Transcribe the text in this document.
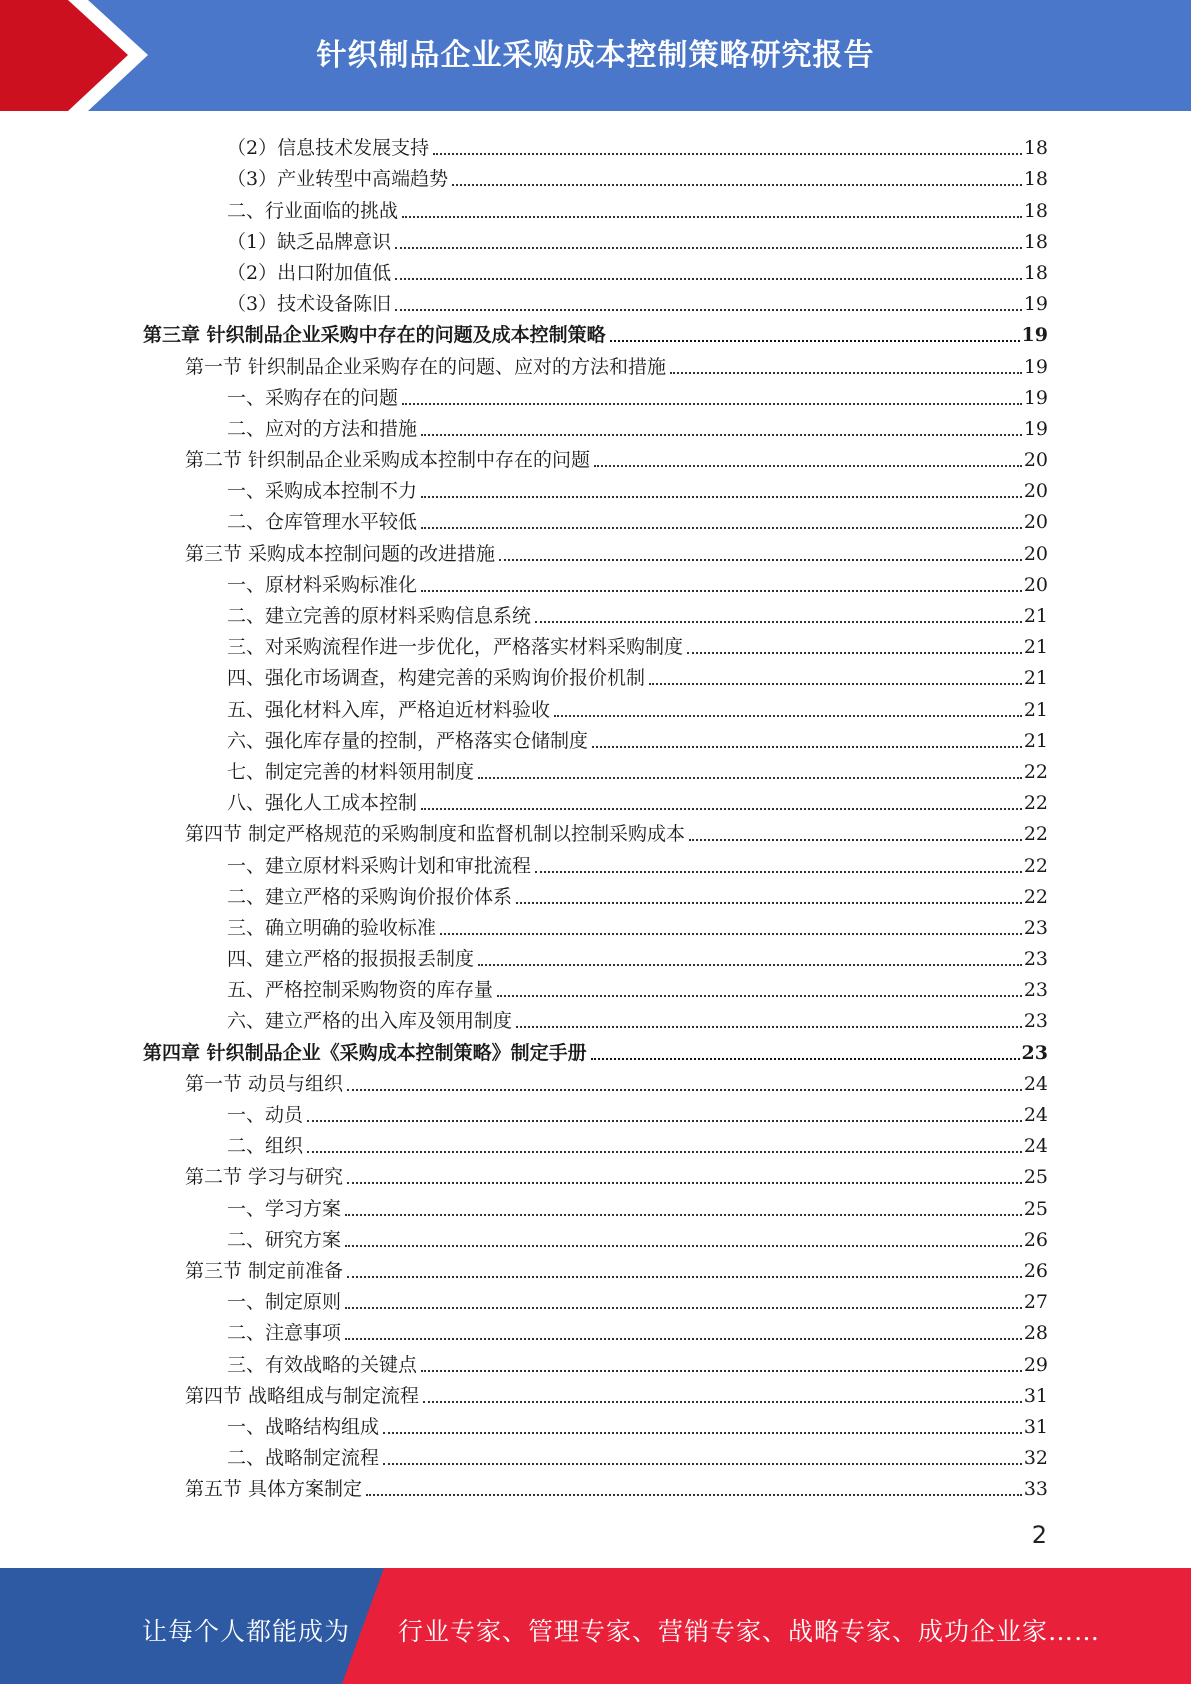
针织制品企业采购成本控制策略研究报告
（2）信息技术发展支持	18
（3）产业转型中高端趋势	18
二、行业面临的挑战	18
（1）缺乏品牌意识	18
（2）出口附加值低	18
（3）技术设备陈旧	19
第三章 针织制品企业采购中存在的问题及成本控制策略	19
第一节 针织制品企业采购存在的问题、应对的方法和措施	19
一、采购存在的问题	19
二、应对的方法和措施	19
第二节 针织制品企业采购成本控制中存在的问题	20
一、采购成本控制不力	20
二、仓库管理水平较低	20
第三节 采购成本控制问题的改进措施	20
一、原材料采购标准化	20
二、建立完善的原材料采购信息系统	21
三、对采购流程作进一步优化，严格落实材料采购制度	21
四、强化市场调查，构建完善的采购询价报价机制	21
五、强化材料入库，严格迫近材料验收	21
六、强化库存量的控制，严格落实仓储制度	21
七、制定完善的材料领用制度	22
八、强化人工成本控制	22
第四节 制定严格规范的采购制度和监督机制以控制采购成本	22
一、建立原材料采购计划和审批流程	22
二、建立严格的采购询价报价体系	22
三、确立明确的验收标准	23
四、建立严格的报损报丢制度	23
五、严格控制采购物资的库存量	23
六、建立严格的出入库及领用制度	23
第四章 针织制品企业《采购成本控制策略》制定手册	23
第一节 动员与组织	24
一、动员	24
二、组织	24
第二节 学习与研究	25
一、学习方案	25
二、研究方案	26
第三节 制定前准备	26
一、制定原则	27
二、注意事项	28
三、有效战略的关键点	29
第四节 战略组成与制定流程	31
一、战略结构组成	31
二、战略制定流程	32
第五节 具体方案制定	33
2
让每个人都能成为 行业专家、管理专家、营销专家、战略专家、成功企业家……
